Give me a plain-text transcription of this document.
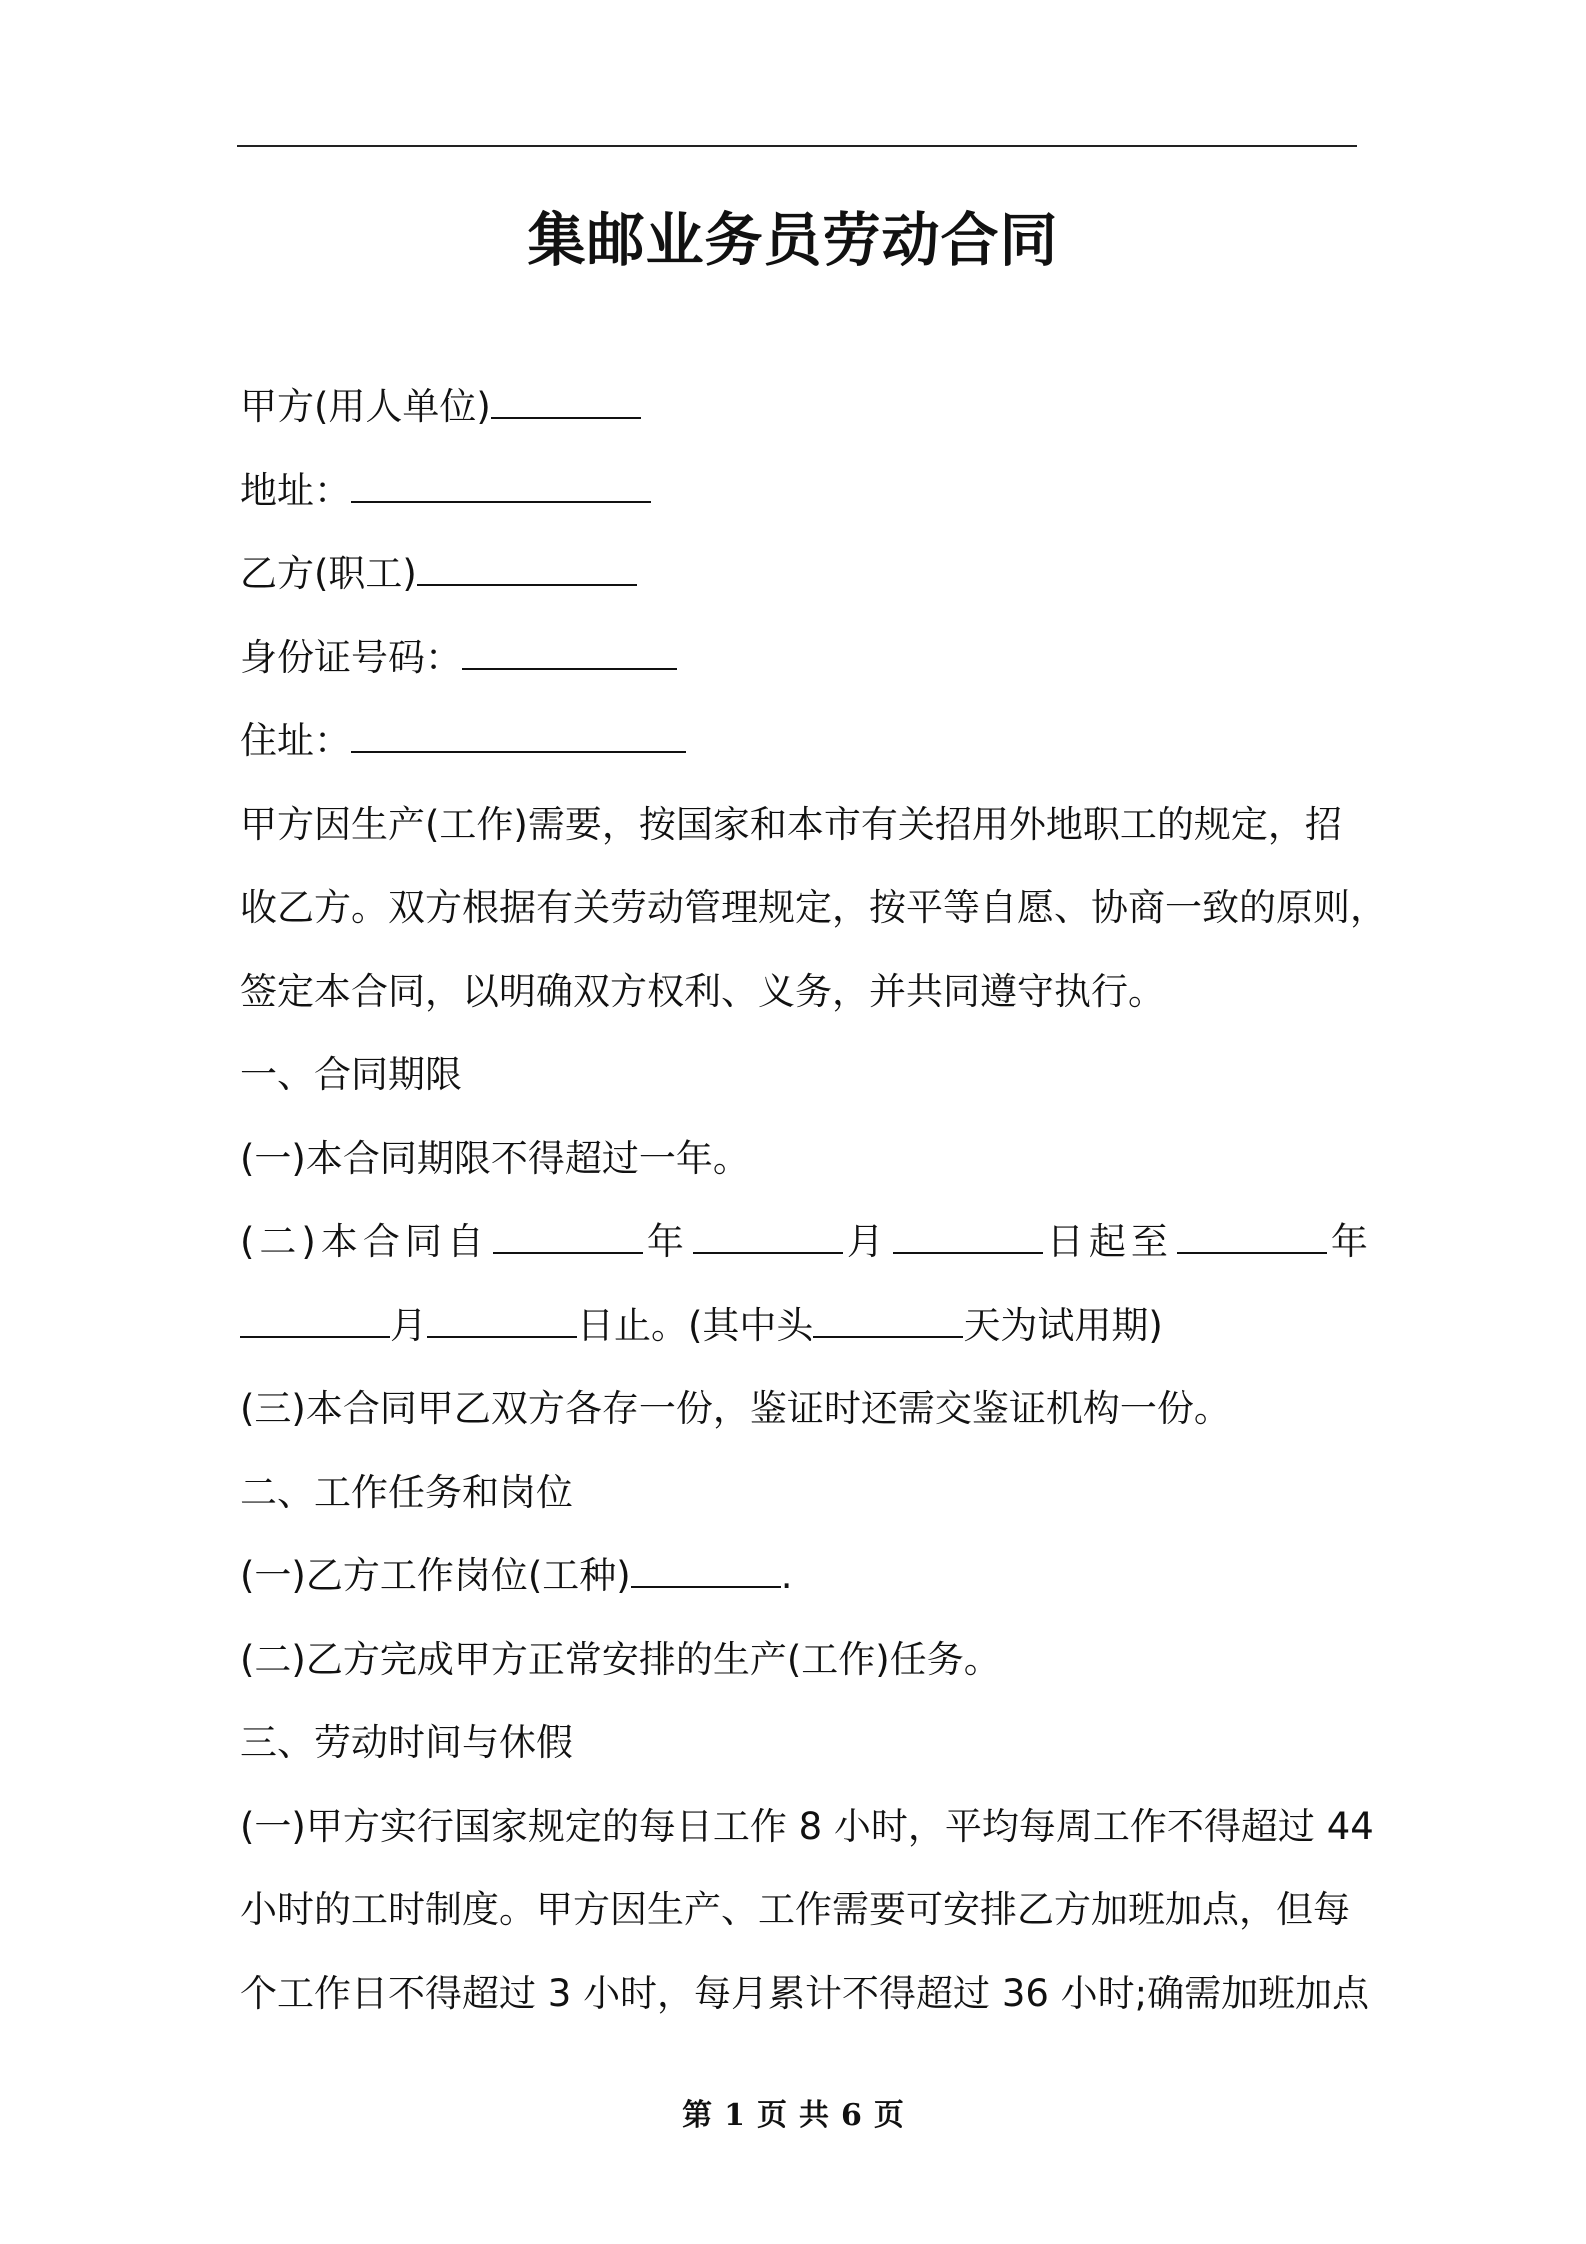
集邮业务员劳动合同
甲方(用人单位)
地址：
乙方(职工)
身份证号码：
住址：
甲方因生产(工作)需要，按国家和本市有关招用外地职工的规定，招
收乙方。双方根据有关劳动管理规定，按平等自愿、协商一致的原则，
签定本合同，以明确双方权利、义务，并共同遵守执行。
一、合同期限
(一)本合同期限不得超过一年。
(二)本合同自	年	月	日起至	年
月	日止。(其中头	天为试用期)
(三)本合同甲乙双方各存一份，鉴证时还需交鉴证机构一份。
二、工作任务和岗位
(一)乙方工作岗位(工种)	.
(二)乙方完成甲方正常安排的生产(工作)任务。
三、劳动时间与休假
(一)甲方实行国家规定的每日工作 8 小时，平均每周工作不得超过 44
小时的工时制度。甲方因生产、工作需要可安排乙方加班加点，但每
个工作日不得超过 3 小时，每月累计不得超过 36 小时;确需加班加点
第 1 页 共 6 页
